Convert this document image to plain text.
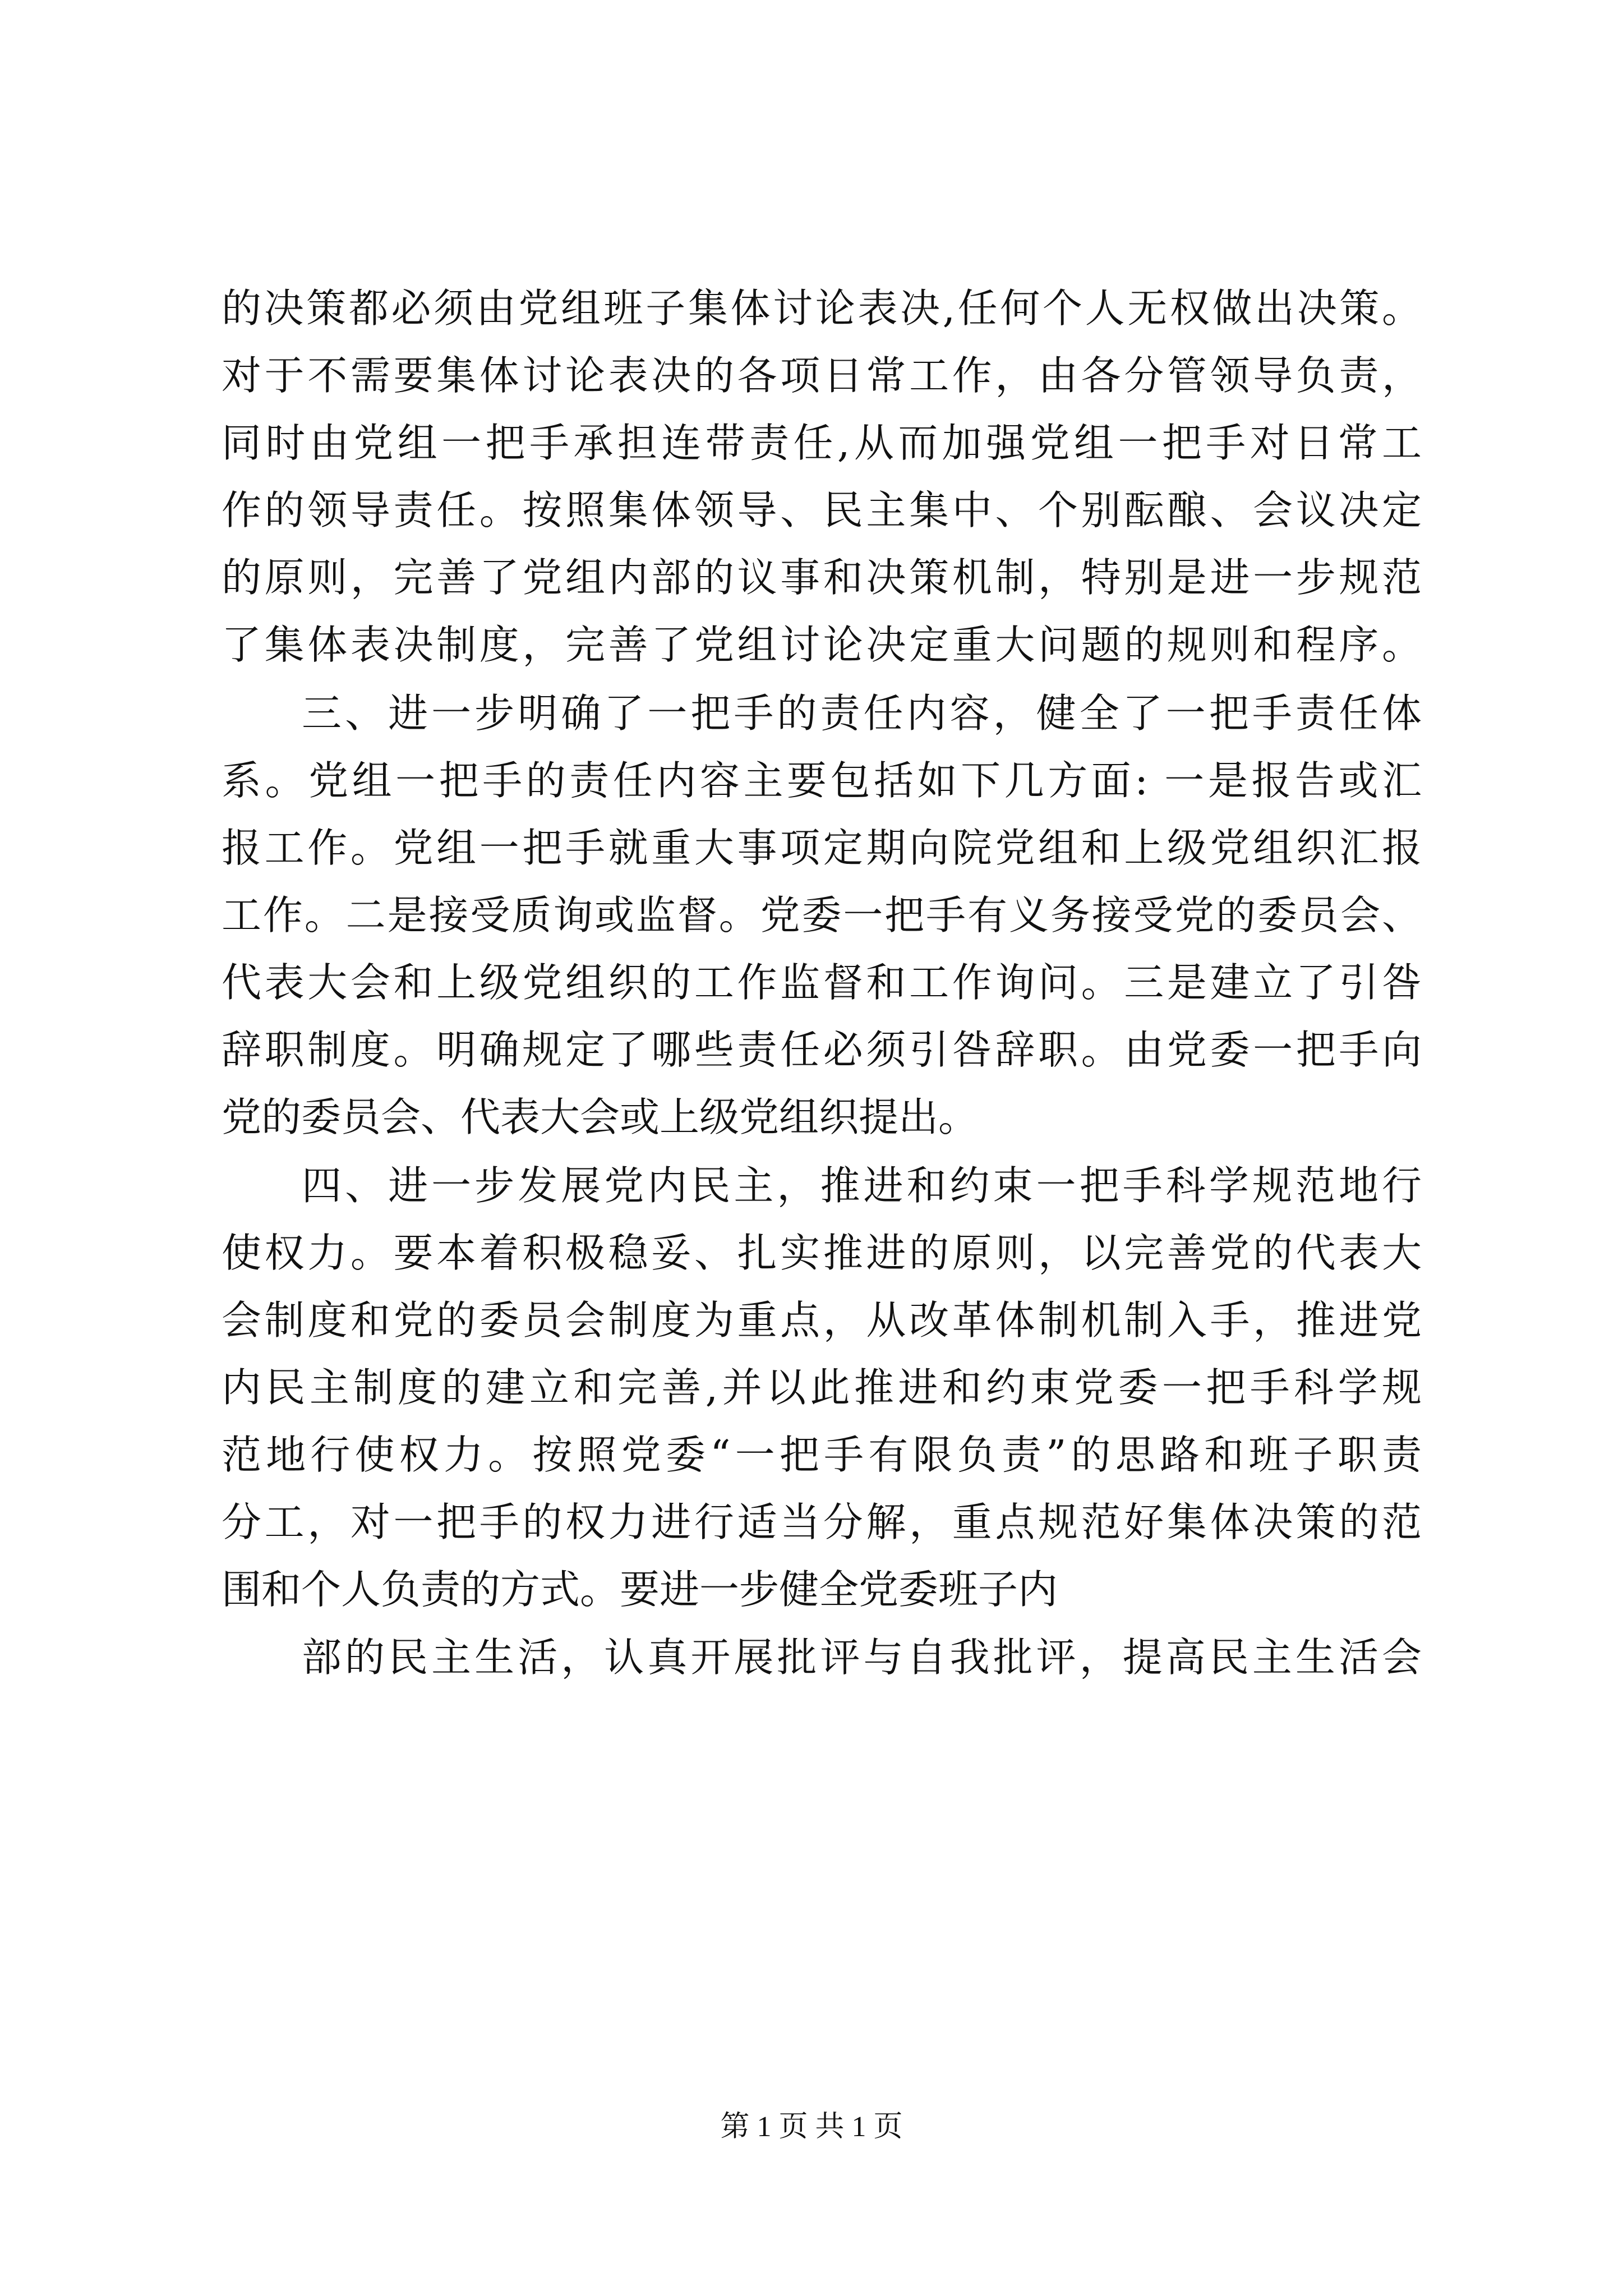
的决策都必须由党组班子集体讨论表决,任何个人无权做出决策。
对于不需要集体讨论表决的各项日常工作，由各分管领导负责，
同时由党组一把手承担连带责任,从而加强党组一把手对日常工
作的领导责任。按照集体领导、民主集中、个别酝酿、会议决定
的原则，完善了党组内部的议事和决策机制，特别是进一步规范
了集体表决制度，完善了党组讨论决定重大问题的规则和程序。
三、进一步明确了一把手的责任内容，健全了一把手责任体
系。党组一把手的责任内容主要包括如下几方面: 一是报告或汇
报工作。党组一把手就重大事项定期向院党组和上级党组织汇报
工作。二是接受质询或监督。党委一把手有义务接受党的委员会、
代表大会和上级党组织的工作监督和工作询问。三是建立了引咎
辞职制度。明确规定了哪些责任必须引咎辞职。由党委一把手向
党的委员会、代表大会或上级党组织提出。
四、进一步发展党内民主，推进和约束一把手科学规范地行
使权力。要本着积极稳妥、扎实推进的原则，以完善党的代表大
会制度和党的委员会制度为重点，从改革体制机制入手，推进党
内民主制度的建立和完善,并以此推进和约束党委一把手科学规
范地行使权力。按照党委“一把手有限负责”的思路和班子职责
分工，对一把手的权力进行适当分解，重点规范好集体决策的范
围和个人负责的方式。要进一步健全党委班子内
部的民主生活，认真开展批评与自我批评，提高民主生活会
第 1 页 共 1 页
